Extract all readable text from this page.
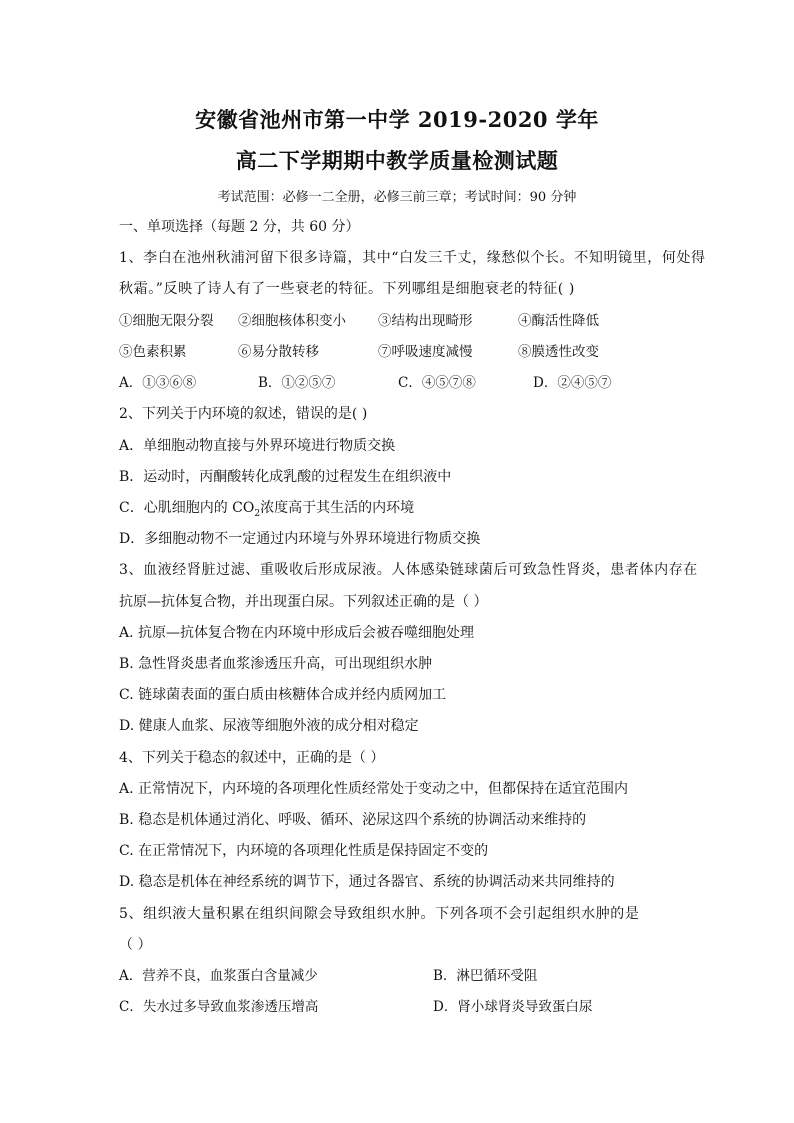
安徽省池州市第一中学 2019-2020 学年
高二下学期期中教学质量检测试题
考试范围：必修一二全册，必修三前三章；考试时间：90 分钟
一、单项选择（每题 2 分，共 60 分）
1、李白在池州秋浦河留下很多诗篇，其中“白发三千丈，缘愁似个长。不知明镜里，何处得
秋霜。”反映了诗人有了一些衰老的特征。下列哪组是细胞衰老的特征( )
①细胞无限分裂 ②细胞核体积变小 ③结构出现畸形	④酶活性降低
⑤色素积累	⑥易分散转移	⑦呼吸速度减慢	⑧膜透性改变
A．①③⑥⑧	B．①②⑤⑦	C．④⑤⑦⑧	D．②④⑤⑦
2、下列关于内环境的叙述，错误的是( )
A．单细胞动物直接与外界环境进行物质交换
B．运动时，丙酮酸转化成乳酸的过程发生在组织液中
C．心肌细胞内的 $CO_2$浓度高于其生活的内环境
D．多细胞动物不一定通过内环境与外界环境进行物质交换
3、血液经肾脏过滤、重吸收后形成尿液。人体感染链球菌后可致急性肾炎，患者体内存在
抗原—抗体复合物，并出现蛋白尿。下列叙述正确的是（ ）
A. 抗原—抗体复合物在内环境中形成后会被吞噬细胞处理
B. 急性肾炎患者血浆渗透压升高，可出现组织水肿
C. 链球菌表面的蛋白质由核糖体合成并经内质网加工
D. 健康人血浆、尿液等细胞外液的成分相对稳定
4、下列关于稳态的叙述中，正确的是（ ）
A. 正常情况下，内环境的各项理化性质经常处于变动之中，但都保持在适宜范围内
B. 稳态是机体通过消化、呼吸、循环、泌尿这四个系统的协调活动来维持的
C. 在正常情况下，内环境的各项理化性质是保持固定不变的
D. 稳态是机体在神经系统的调节下，通过各器官、系统的协调活动来共同维持的
5、组织液大量积累在组织间隙会导致组织水肿。下列各项不会引起组织水肿的是
（ ）
A．营养不良，血浆蛋白含量减少	B．淋巴循环受阻
C．失水过多导致血浆渗透压增高	D．肾小球肾炎导致蛋白尿
